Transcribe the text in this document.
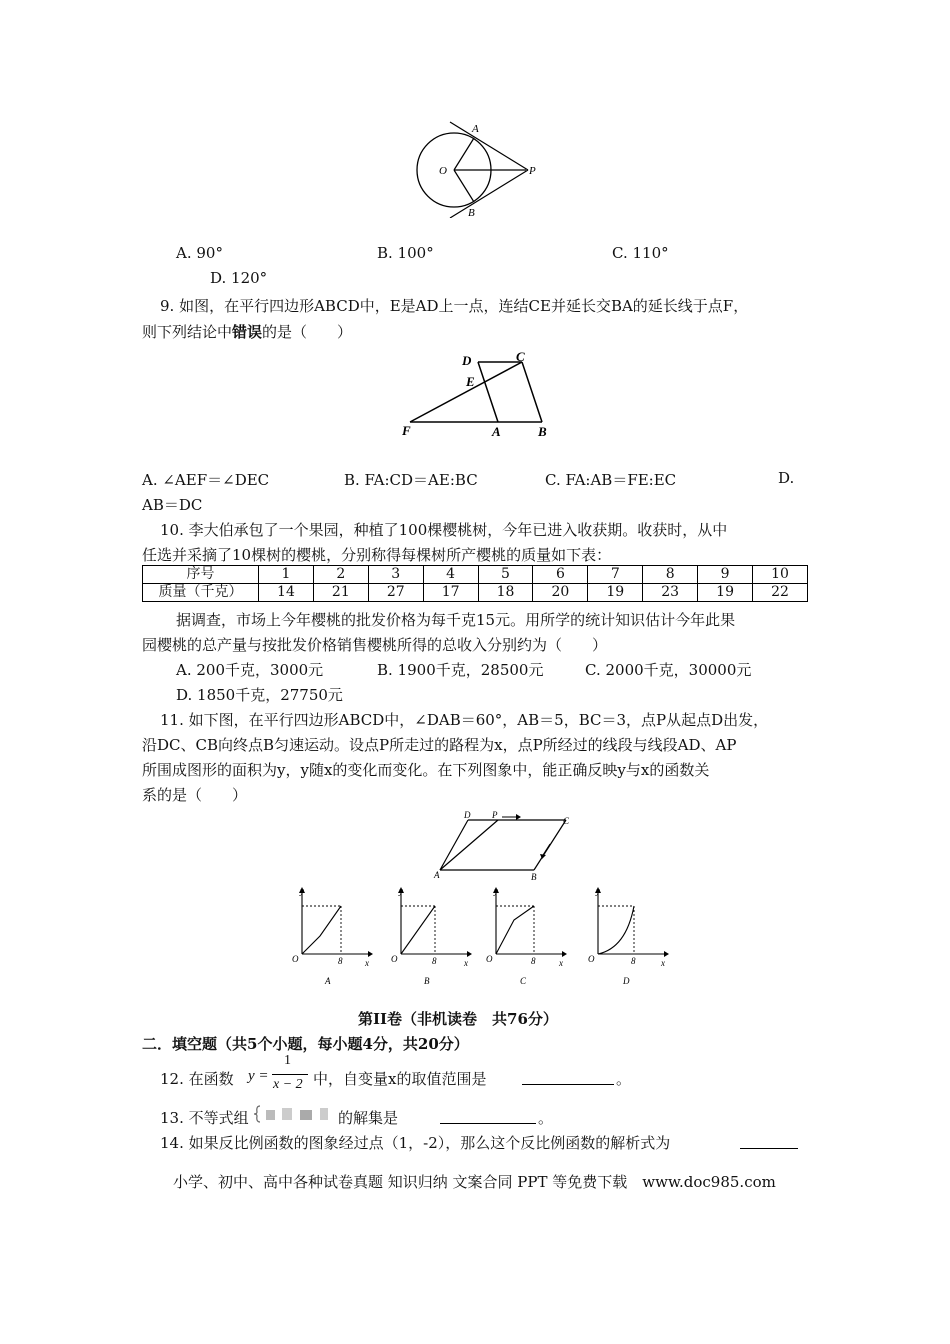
O
A
B
P
A. 90°	B. 100°	C. 110°
D. 120°
9. 如图，在平行四边形ABCD中，E是AD上一点，连结CE并延长交BA的延长线于点F，
则下列结论中错误的是（　　）
D	C
E
F	A	B
A. ∠AEF＝∠DEC	B. FA:CD＝AE:BC	C. FA:AB＝FE:EC	D.
AB＝DC
10. 李大伯承包了一个果园，种植了100棵樱桃树，今年已进入收获期。收获时，从中
任选并采摘了10棵树的樱桃，分别称得每棵树所产樱桃的质量如下表：
序号	1	2	3	4	5	6	7	8	9	10
质量（千克）	14	21	27	17	18	20	19	23	19	22
据调查，市场上今年樱桃的批发价格为每千克15元。用所学的统计知识估计今年此果
园樱桃的总产量与按批发价格销售樱桃所得的总收入分别约为（　　）
A. 200千克，3000元	B. 1900千克，28500元	C. 2000千克，30000元
D. 1850千克，27750元
11. 如下图，在平行四边形ABCD中，∠DAB＝60°，AB＝5，BC＝3，点P从起点D出发，
沿DC、CB向终点B匀速运动。设点P所走过的路程为x，点P所经过的线段与线段AD、AP
所围成图形的面积为y，y随x的变化而变化。在下列图象中，能正确反映y与x的函数关
系的是（　　）
D P
C
A	B
y
x
O	8
A
y
x
O	8
B
y
x
O	8
C
y
x
O	8
D
第II卷（非机读卷　共76分）
二．填空题（共5个小题，每小题4分，共20分）
12. 在函数 y =
1
x − 2 中，自变量x的取值范围是	。
13. 不等式组	的解集是	。
14. 如果反比例函数的图象经过点（1，-2），那么这个反比例函数的解析式为
小学、初中、高中各种试卷真题 知识归纳 文案合同 PPT 等免费下载　www.doc985.com
